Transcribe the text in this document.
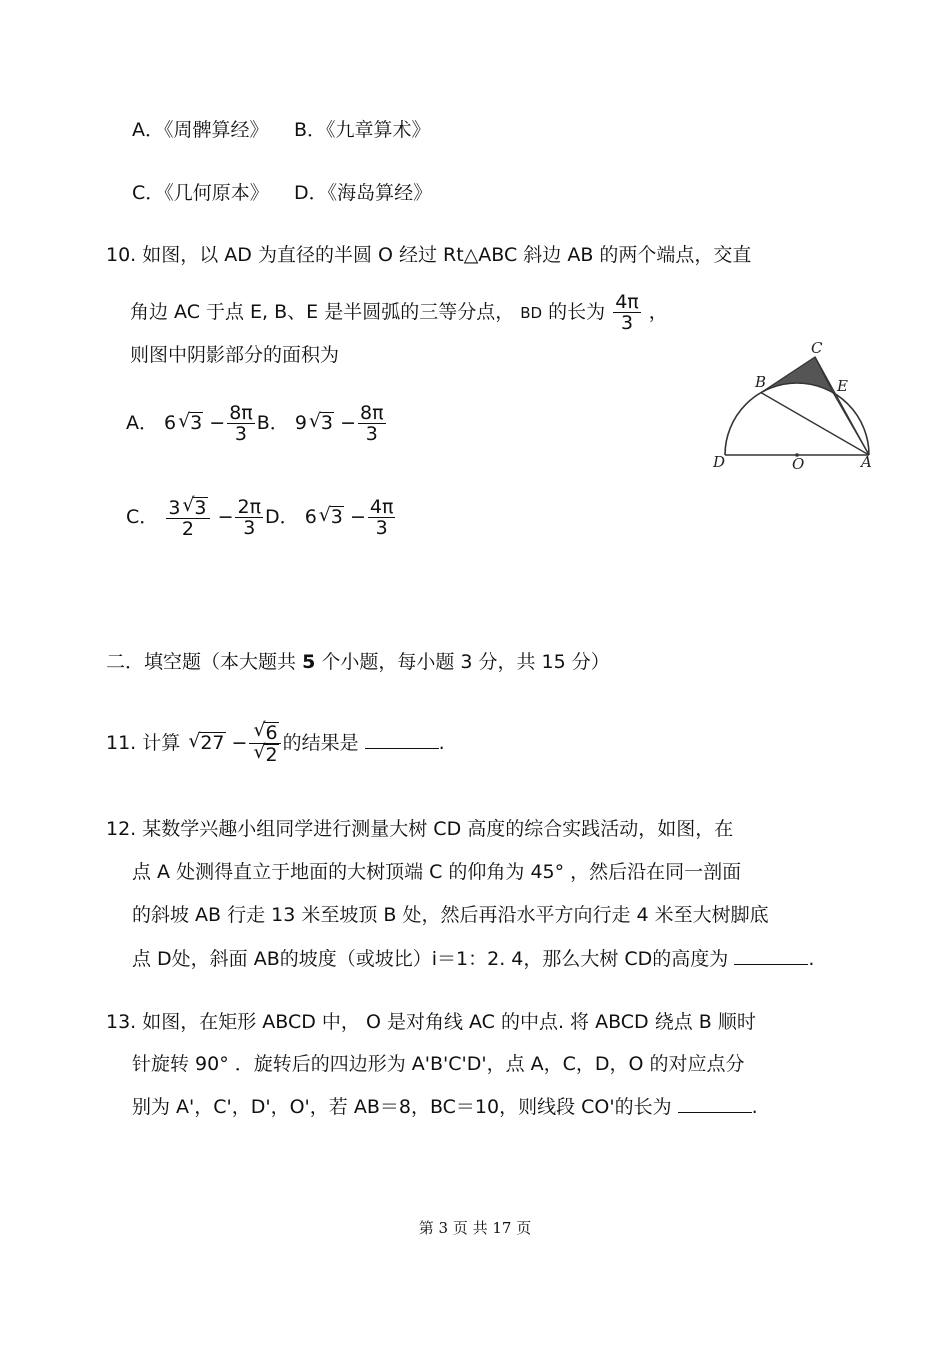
A．《周髀算经》 B．《九章算术》
C．《几何原本》 D．《海岛算经》
10. 如图，以 AD 为直径的半圆 O 经过 Rt△ABC 斜边 AB 的两个端点，交直
角边 AC 于点 E, B、E 是半圆弧的三等分点， BD 的长为 $\frac{4\pi}{3}$ ，
则图中阴影部分的面积为
A． 6 √ $3 - \frac{8\pi}{3}$ B． 9 √ $3 - \frac{8\pi}{3}$
C． $\frac{3 √ 3}{2} - \frac{2\pi}{3}$ D． 6 √ $3 - \frac{4\pi}{3}$
C
B	E
D	O	A
二．填空题（本大题共 5 个小题，每小题 3 分，共 15 分）
11. 计算 √ 27 − √ 6
√ 2 的结果是	.
12. 某数学兴趣小组同学进行测量大树 CD 高度的综合实践活动，如图，在
点 A 处测得直立于地面的大树顶端 C 的仰角为 45° ，然后沿在同一剖面
的斜坡 AB 行走 13 米至坡顶 B 处，然后再沿水平方向行走 4 米至大树脚底
点 D处，斜面 AB的坡度（或坡比）i＝1：2. 4，那么大树 CD的高度为	.
13. 如图，在矩形 ABCD 中， O 是对角线 AC 的中点. 将 ABCD 绕点 B 顺时
针旋转 90° ．旋转后的四边形为 A'B'C'D'，点 A，C，D，O 的对应点分
别为 A'，C'，D'，O'，若 AB＝8，BC＝10，则线段 CO'的长为	.
第 3 页 共 17 页
